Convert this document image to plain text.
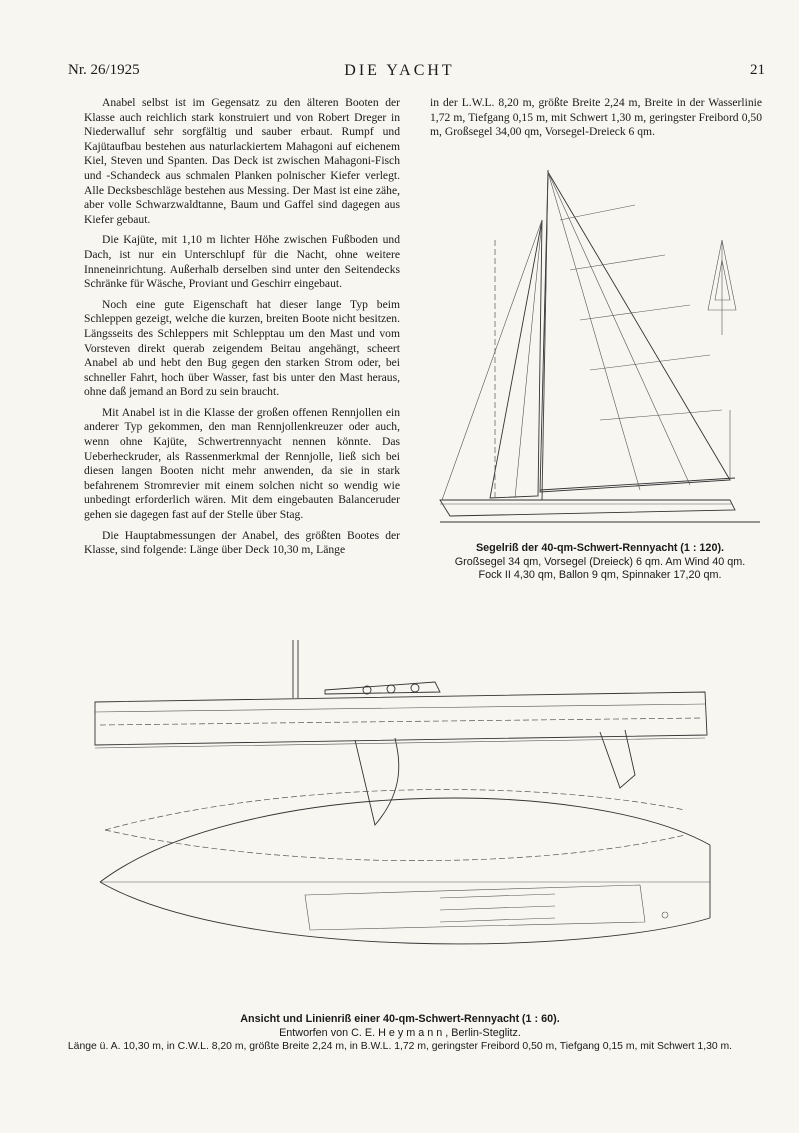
Nr. 26/1925	DIE YACHT	21

Anabel selbst ist im Gegensatz zu den älteren Booten der Klasse auch reichlich stark konstruiert und von Robert Dreger in Niederwalluf sehr sorgfältig und sauber erbaut. Rumpf und Kajütaufbau bestehen aus naturlackiertem Mahagoni auf eichenem Kiel, Steven und Spanten. Das Deck ist zwischen Mahagoni-Fisch und -Schandeck aus schmalen Planken polnischer Kiefer verlegt. Alle Decksbeschläge bestehen aus Messing. Der Mast ist eine zähe, aber volle Schwarzwaldtanne, Baum und Gaffel sind dagegen aus Kiefer gebaut.

Die Kajüte, mit 1,10 m lichter Höhe zwischen Fußboden und Dach, ist nur ein Unterschlupf für die Nacht, ohne weitere Inneneinrichtung. Außerhalb derselben sind unter den Seitendecks Schränke für Wäsche, Proviant und Geschirr eingebaut.

Noch eine gute Eigenschaft hat dieser lange Typ beim Schleppen gezeigt, welche die kurzen, breiten Boote nicht besitzen. Längsseits des Schleppers mit Schlepptau um den Mast und vom Vorsteven direkt querab zeigendem Beitau angehängt, scheert Anabel ab und hebt den Bug gegen den starken Strom oder, bei schneller Fahrt, hoch über Wasser, fast bis unter den Mast heraus, ohne daß jemand an Bord zu sein braucht.

Mit Anabel ist in die Klasse der großen offenen Rennjollen ein anderer Typ gekommen, den man Rennjollenkreuzer oder auch, wenn ohne Kajüte, Schwertrennyacht nennen könnte. Das Ueberheckruder, als Rassenmerkmal der Rennjolle, ließ sich bei diesen langen Booten nicht mehr anwenden, da sie in stark befahrenem Stromrevier mit einem solchen nicht so wendig wie unbedingt erforderlich wären. Mit dem eingebauten Balanceruder gehen sie dagegen fast auf der Stelle über Stag.

Die Hauptabmessungen der Anabel, des größten Bootes der Klasse, sind folgende: Länge über Deck 10,30 m, Länge

in der L.W.L. 8,20 m, größte Breite 2,24 m, Breite in der Wasserlinie 1,72 m, Tiefgang 0,15 m, mit Schwert 1,30 m, geringster Freibord 0,50 m, Großsegel 34,00 qm, Vorsegel-Dreieck 6 qm.

Segelriß der 40-qm-Schwert-Rennyacht (1 : 120).
Großsegel 34 qm, Vorsegel (Dreieck) 6 qm. Am Wind 40 qm.
Fock II 4,30 qm, Ballon 9 qm, Spinnaker 17,20 qm.
Ansicht und Linienriß einer 40-qm-Schwert-Rennyacht (1 : 60).
Entworfen von C. E. H e y m a n n , Berlin-Steglitz.
Länge ü. A. 10,30 m, in C.W.L. 8,20 m, größte Breite 2,24 m, in B.W.L. 1,72 m, geringster Freibord 0,50 m, Tiefgang 0,15 m, mit Schwert 1,30 m.
